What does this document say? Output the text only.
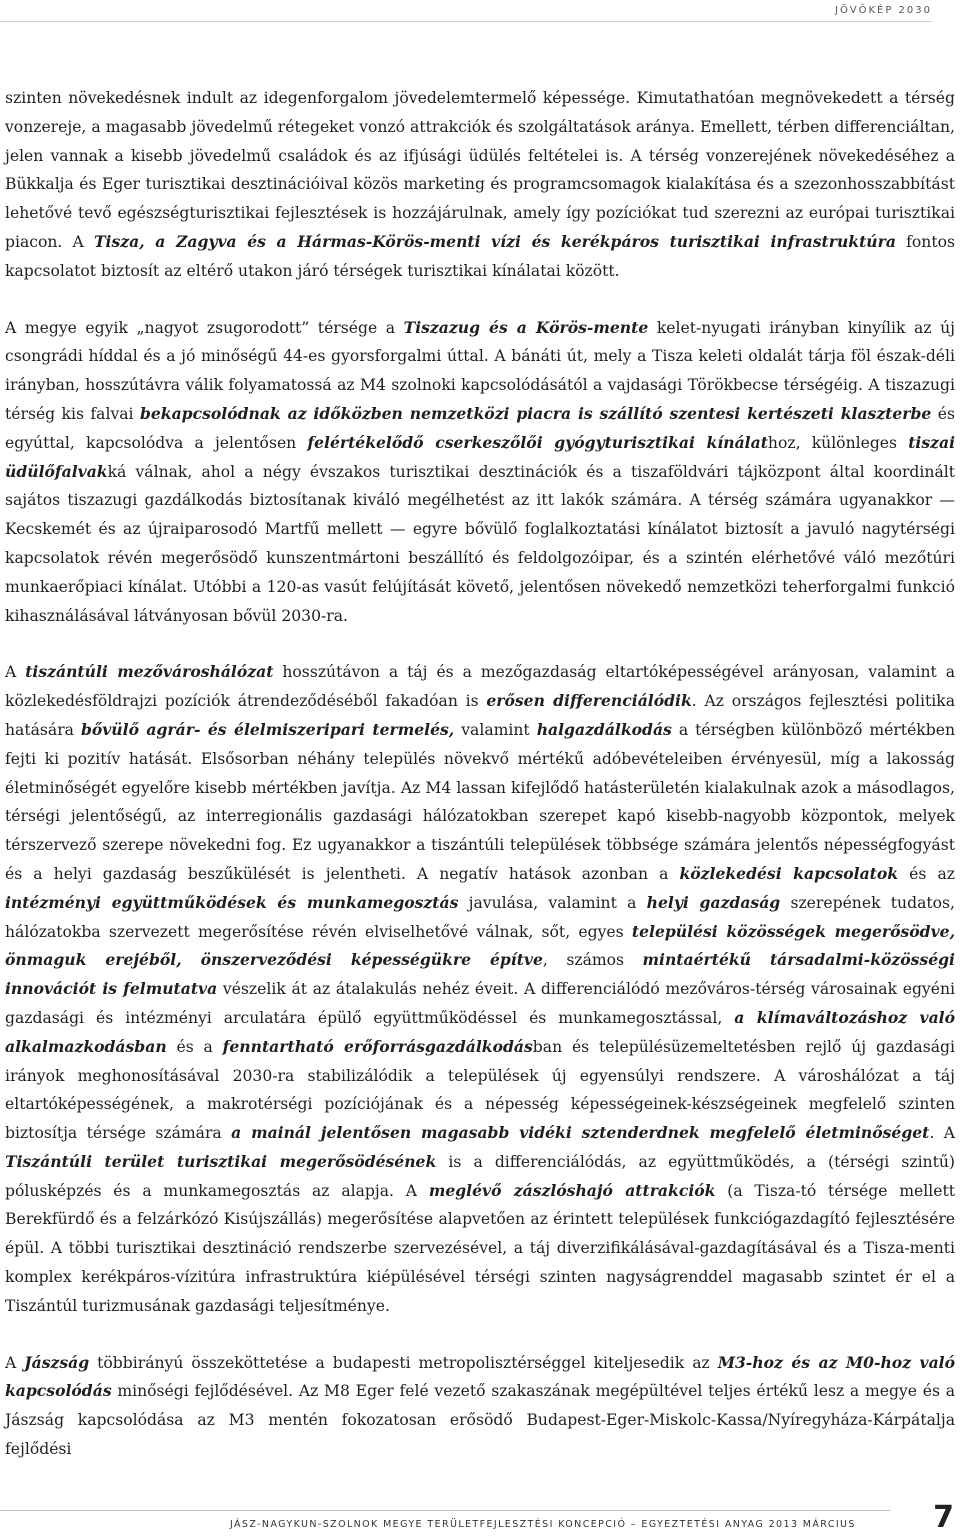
JÖVŐKÉP 2030

szinten növekedésnek indult az idegenforgalom jövedelemtermelő képessége. Kimutathatóan megnövekedett a térség vonzereje, a magasabb jövedelmű rétegeket vonzó attrakciók és szolgáltatások aránya. Emellett, térben differenciáltan, jelen vannak a kisebb jövedelmű családok és az ifjúsági üdülés feltételei is. A térség vonzerejének növekedéséhez a Bükkalja és Eger turisztikai desztinációival közös marketing és programcsomagok kialakítása és a szezonhosszabbítást lehetővé tevő egészségturisztikai fejlesztések is hozzájárulnak, amely így pozíciókat tud szerezni az európai turisztikai piacon. A Tisza, a Zagyva és a Hármas-Körös-menti vízi és kerékpáros turisztikai infrastruktúra fontos kapcsolatot biztosít az eltérő utakon járó térségek turisztikai kínálatai között.

A megye egyik „nagyot zsugorodott” térsége a Tiszazug és a Körös-mente kelet-nyugati irányban kinyílik az új csongrádi híddal és a jó minőségű 44-es gyorsforgalmi úttal. A bánáti út, mely a Tisza keleti oldalát tárja föl észak-déli irányban, hosszútávra válik folyamatossá az M4 szolnoki kapcsolódásától a vajdasági Törökbecse térségéig. A tiszazugi térség kis falvai bekapcsolódnak az időközben nemzetközi piacra is szállító szentesi kertészeti klaszterbe és egyúttal, kapcsolódva a jelentősen felértékelődő cserkeszőlői gyógyturisztikai kínálathoz, különleges tiszai üdülőfalvakká válnak, ahol a négy évszakos turisztikai desztinációk és a tiszaföldvári tájközpont által koordinált sajátos tiszazugi gazdálkodás biztosítanak kiváló megélhetést az itt lakók számára. A térség számára ugyanakkor — Kecskemét és az újraiparosodó Martfű mellett — egyre bővülő foglalkoztatási kínálatot biztosít a javuló nagytérségi kapcsolatok révén megerősödő kunszentmártoni beszállító és feldolgozóipar, és a szintén elérhetővé váló mezőtúri munkaerőpiaci kínálat. Utóbbi a 120-as vasút felújítását követő, jelentősen növekedő nemzetközi teherforgalmi funkció kihasználásával látványosan bővül 2030-ra.

A tiszántúli mezővároshálózat hosszútávon a táj és a mezőgazdaság eltartóképességével arányosan, valamint a közlekedésföldrajzi pozíciók átrendeződéséből fakadóan is erősen differenciálódik. Az országos fejlesztési politika hatására bővülő agrár- és élelmiszeripari termelés, valamint halgazdálkodás a térségben különböző mértékben fejti ki pozitív hatását. Elsősorban néhány település növekvő mértékű adóbevételeiben érvényesül, míg a lakosság életminőségét egyelőre kisebb mértékben javítja. Az M4 lassan kifejlődő hatásterületén kialakulnak azok a másodlagos, térségi jelentőségű, az interregionális gazdasági hálózatokban szerepet kapó kisebb-nagyobb központok, melyek térszervező szerepe növekedni fog. Ez ugyanakkor a tiszántúli települések többsége számára jelentős népességfogyást és a helyi gazdaság beszűkülését is jelentheti. A negatív hatások azonban a közlekedési kapcsolatok és az intézményi együttműködések és munkamegosztás javulása, valamint a helyi gazdaság szerepének tudatos, hálózatokba szervezett megerősítése révén elviselhetővé válnak, sőt, egyes települési közösségek megerősödve, önmaguk erejéből, önszerveződési képességükre építve, számos mintaértékű társadalmi-közösségi innovációt is felmutatva vészelik át az átalakulás nehéz éveit. A differenciálódó mezőváros-térség városainak egyéni gazdasági és intézményi arculatára épülő együttműködéssel és munkamegosztással, a klímaváltozáshoz való alkalmazkodásban és a fenntartható erőforrásgazdálkodásban és településüzemeltetésben rejlő új gazdasági irányok meghonosításával 2030-ra stabilizálódik a települések új egyensúlyi rendszere. A városhálózat a táj eltartóképességének, a makrotérségi pozíciójának és a népesség képességeinek-készségeinek megfelelő szinten biztosítja térsége számára a mainál jelentősen magasabb vidéki sztenderdnek megfelelő életminőséget. A Tiszántúli terület turisztikai megerősödésének is a differenciálódás, az együttműködés, a (térségi szintű) pólusképzés és a munkamegosztás az alapja. A meglévő zászlóshajó attrakciók (a Tisza-tó térsége mellett Berekfürdő és a felzárkózó Kisújszállás) megerősítése alapvetően az érintett települések funkciógazdagító fejlesztésére épül. A többi turisztikai desztináció rendszerbe szervezésével, a táj diverzifikálásával-gazdagításával és a Tisza-menti komplex kerékpáros-vízitúra infrastruktúra kiépülésével térségi szinten nagyságrenddel magasabb szintet ér el a Tiszántúl turizmusának gazdasági teljesítménye.

A Jászság többirányú összeköttetése a budapesti metropolisztérséggel kiteljesedik az M3-hoz és az M0-hoz való kapcsolódás minőségi fejlődésével. Az M8 Eger felé vezető szakaszának megépültével teljes értékű lesz a megye és a Jászság kapcsolódása az M3 mentén fokozatosan erősödő Budapest-Eger-Miskolc-Kassa/Nyíregyháza-Kárpátalja fejlődési

JÁSZ-NAGYKUN-SZOLNOK MEGYE TERÜLETFEJLESZTÉSI KONCEPCIÓ – EGYEZTETÉSI ANYAG 2013 MÁRCIUS	7
